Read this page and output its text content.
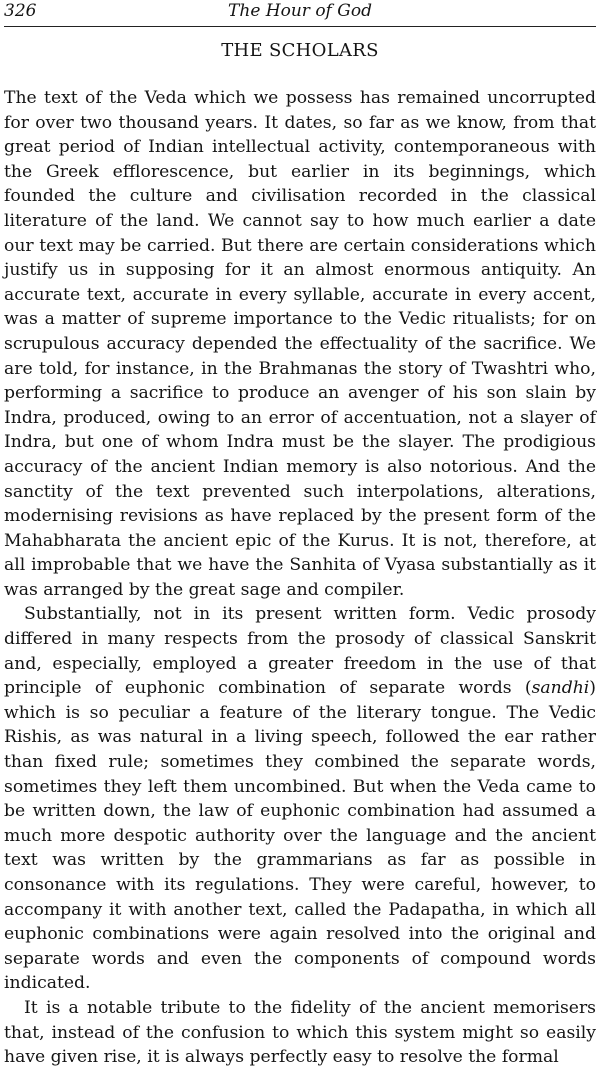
326	The Hour of God
THE SCHOLARS

The text of the Veda which we possess has remained uncorrupted for over two thousand years. It dates, so far as we know, from that great period of Indian intellectual activity, contemporaneous with the Greek efflorescence, but earlier in its beginnings, which founded the culture and civilisation recorded in the classical literature of the land. We cannot say to how much earlier a date our text may be carried. But there are certain considerations which justify us in supposing for it an almost enormous antiquity. An accurate text, accurate in every syllable, accurate in every accent, was a matter of supreme importance to the Vedic ritualists; for on scrupulous accuracy depended the effectuality of the sacrifice. We are told, for instance, in the Brahmanas the story of Twashtri who, performing a sacrifice to produce an avenger of his son slain by Indra, produced, owing to an error of accentuation, not a slayer of Indra, but one of whom Indra must be the slayer. The prodigious accuracy of the ancient Indian memory is also notorious. And the sanctity of the text prevented such interpolations, alterations, modernising revisions as have replaced by the present form of the Mahabharata the ancient epic of the Kurus. It is not, therefore, at all improbable that we have the Sanhita of Vyasa substantially as it was arranged by the great sage and compiler.

Substantially, not in its present written form. Vedic prosody differed in many respects from the prosody of classical Sanskrit and, especially, employed a greater freedom in the use of that principle of euphonic combination of separate words (sandhi) which is so peculiar a feature of the literary tongue. The Vedic Rishis, as was natural in a living speech, followed the ear rather than fixed rule; sometimes they combined the separate words, sometimes they left them uncombined. But when the Veda came to be written down, the law of euphonic combination had assumed a much more despotic authority over the language and the ancient text was written by the grammarians as far as possible in consonance with its regulations. They were careful, however, to accompany it with another text, called the Padapatha, in which all euphonic combinations were again resolved into the original and separate words and even the components of compound words indicated.

It is a notable tribute to the fidelity of the ancient memorisers that, instead of the confusion to which this system might so easily have given rise, it is always perfectly easy to resolve the formal
